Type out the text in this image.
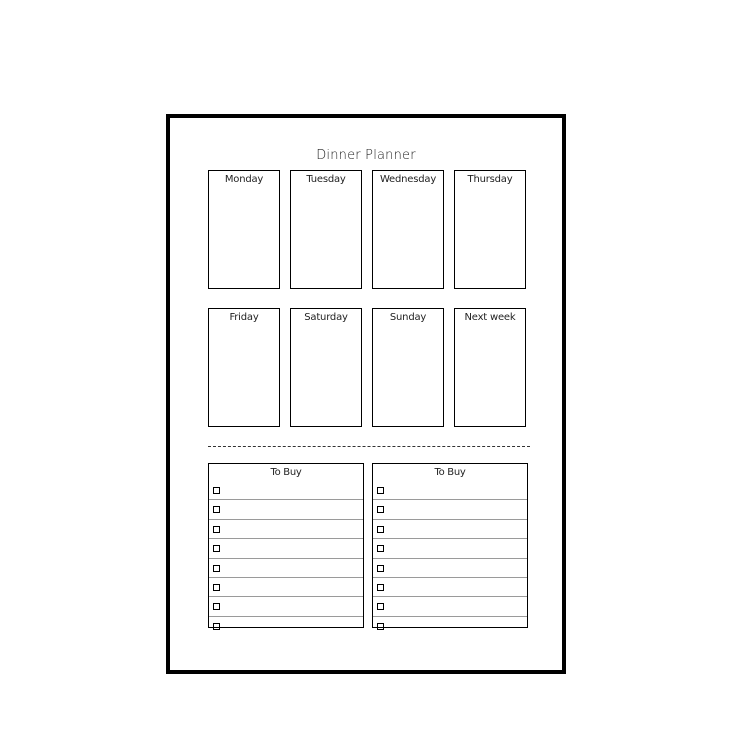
Dinner Planner
Monday	Tuesday	Wednesday	Thursday
Friday	Saturday	Sunday	Next week
To Buy	To Buy
